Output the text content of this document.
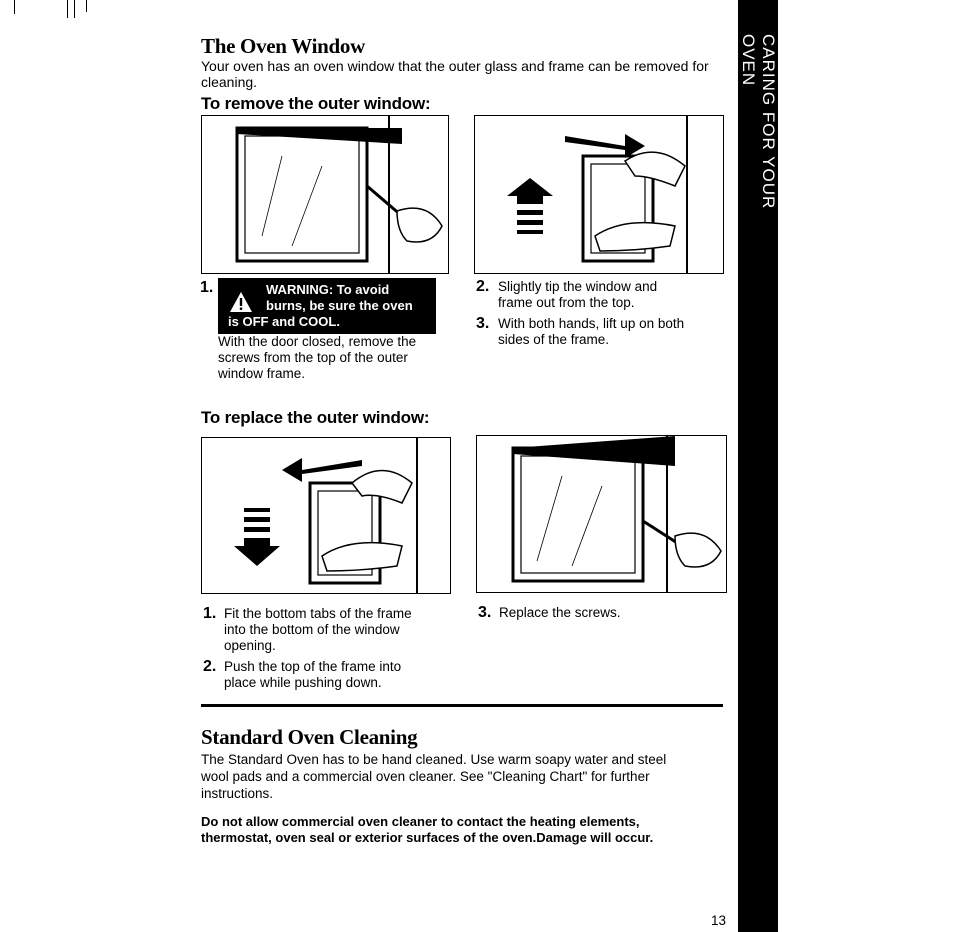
CARING FOR YOUR OVEN
The Oven Window
Your oven has an oven window that the outer glass and frame can be removed for cleaning.
To remove the outer window:
1.	WARNING: To avoid
burns, be sure the oven
is OFF and COOL.
With the door closed, remove the
screws from the top of the outer
window frame.
2. Slightly tip the window and
frame out from the top.
3. With both hands, lift up on both
sides of the frame.
To replace the outer window:
1. Fit the bottom tabs of the frame
into the bottom of the window
opening.
2. Push the top of the frame into
place while pushing down.
3. Replace the screws.
Standard Oven Cleaning
The Standard Oven has to be hand cleaned. Use warm soapy water and steel
wool pads and a commercial oven cleaner. See "Cleaning Chart" for further
instructions.
Do not allow commercial oven cleaner to contact the heating elements,
thermostat, oven seal or exterior surfaces of the oven.Damage will occur.
13
